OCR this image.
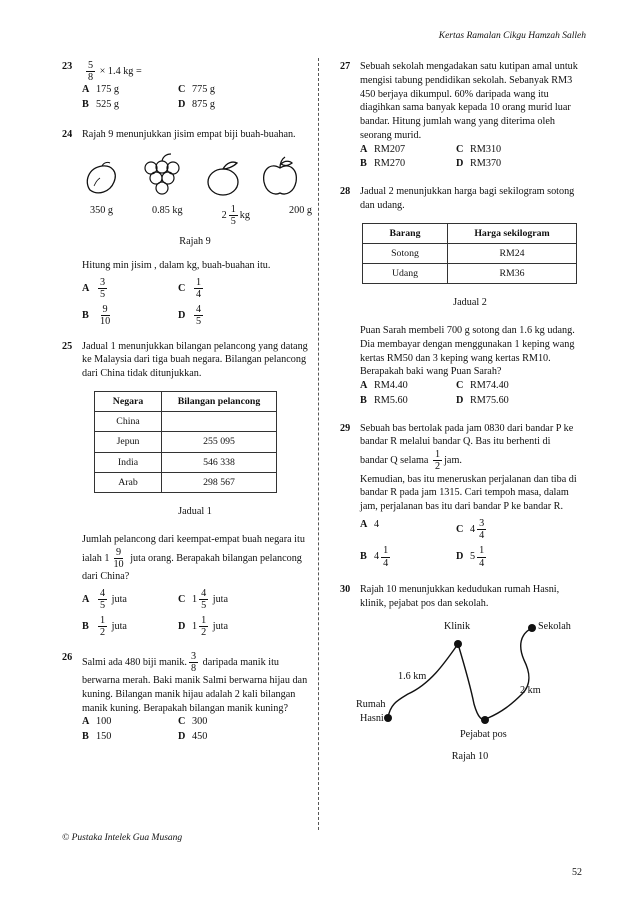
Kertas Ramalan Cikgu Hamzah Salleh
$23 \frac{5}{8} \times 1.4$ kg =
A 175 g	C 775 g
B 525 g	D 875 g
24 Rajah 9 menunjukkan jisim empat biji buah-buahan.
350 g	0.85 kg	$2 \frac{1}{5}$ kg	200 g
Rajah 9
Hitung min jisim , dalam kg, buah-buahan itu.
A $\frac{3}{5}$	C $\frac{1}{4}$
B $\frac{9}{10}$	D $\frac{4}{5}$
25 Jadual 1 menunjukkan bilangan pelancong yang datang ke Malaysia dari tiga buah negara. Bilangan pelancong dari China tidak ditunjukkan.
Negara	Bilangan pelancong
China	
Jepun	255 095
India	546 338
Arab	298 567
Jadual 1
Jumlah pelancong dari keempat-empat buah negara itu ialah $1 \frac{9}{10}$ juta orang. Berapakah bilangan pelancong dari China?
A $\frac{4}{5}$ juta	C $1 \frac{4}{5}$ juta
B $\frac{1}{2}$ juta	D $1 \frac{1}{2}$ juta
26 Salmi ada 480 biji manik. $\frac{3}{8}$ daripada manik itu berwarna merah. Baki manik Salmi berwarna hijau dan kuning. Bilangan manik hijau adalah 2 kali bilangan manik kuning. Berapakah bilangan manik kuning?
A 100	C 300
B 150	D 450
27 Sebuah sekolah mengadakan satu kutipan amal untuk mengisi tabung pendidikan sekolah. Sebanyak RM3 450 berjaya dikumpul. 60% daripada wang itu diagihkan sama banyak kepada 10 orang murid luar bandar. Hitung jumlah wang yang diterima oleh seorang murid.
A RM207	C RM310
B RM270	D RM370
28 Jadual 2 menunjukkan harga bagi sekilogram sotong dan udang.
Barang	Harga sekilogram
Sotong	RM24
Udang	RM36
Jadual 2
Puan Sarah membeli 700 g sotong dan 1.6 kg udang. Dia membayar dengan menggunakan 1 keping wang kertas RM50 dan 3 keping wang kertas RM10. Berapakah baki wang Puan Sarah?
A RM4.40	C RM74.40
B RM5.60	D RM75.60
29 Sebuah bas bertolak pada jam 0830 dari bandar P ke bandar R melalui bandar Q. Bas itu berhenti di bandar Q selama $\frac{1}{2}$ jam.
Kemudian, bas itu meneruskan perjalanan dan tiba di bandar R pada jam 1315. Cari tempoh masa, dalam jam, perjalanan bas itu dari bandar P ke bandar R.
A 4	C $4 \frac{3}{4}$
B $4 \frac{1}{4}$	D $5 \frac{1}{4}$
30 Rajah 10 menunjukkan kedudukan rumah Hasni, klinik, pejabat pos dan sekolah.
Rumah
Hasni
Klinik
Pejabat pos
Sekolah
1.6 km
2 km
Rajah 10
© Pustaka Intelek Gua Musang
52
